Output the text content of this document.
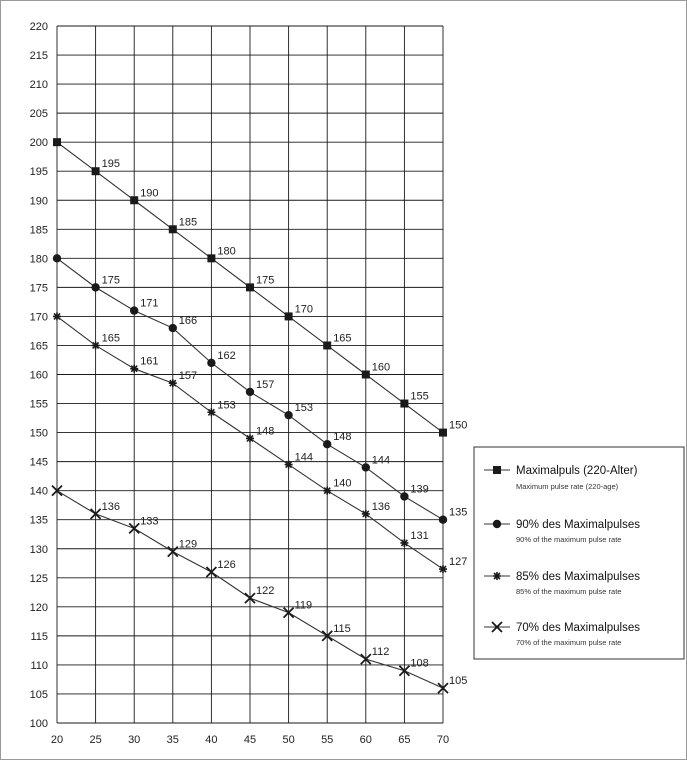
100
105
110
115
120
125
130
135
140
145
150
155
160
165
170
175
180
185
190
195
200
205
210
215
220
20 25 30 35 40 45 50 55 60 65 70
195
190
185
180
175
170
165
160
155
150
175
171
166
162
157
153
148
144
139
135
165
161
157
153
148
144
140
136
131
127
136
133
129
126
122
119
115
112
108
105
Maximalpuls (220-Alter)
Maximum pulse rate (220-age)
90% des Maximalpulses
90% of the maximum pulse rate
85% des Maximalpulses
85% of the maximum pulse rate
70% des Maximalpulses
70% of the maximum pulse rate
